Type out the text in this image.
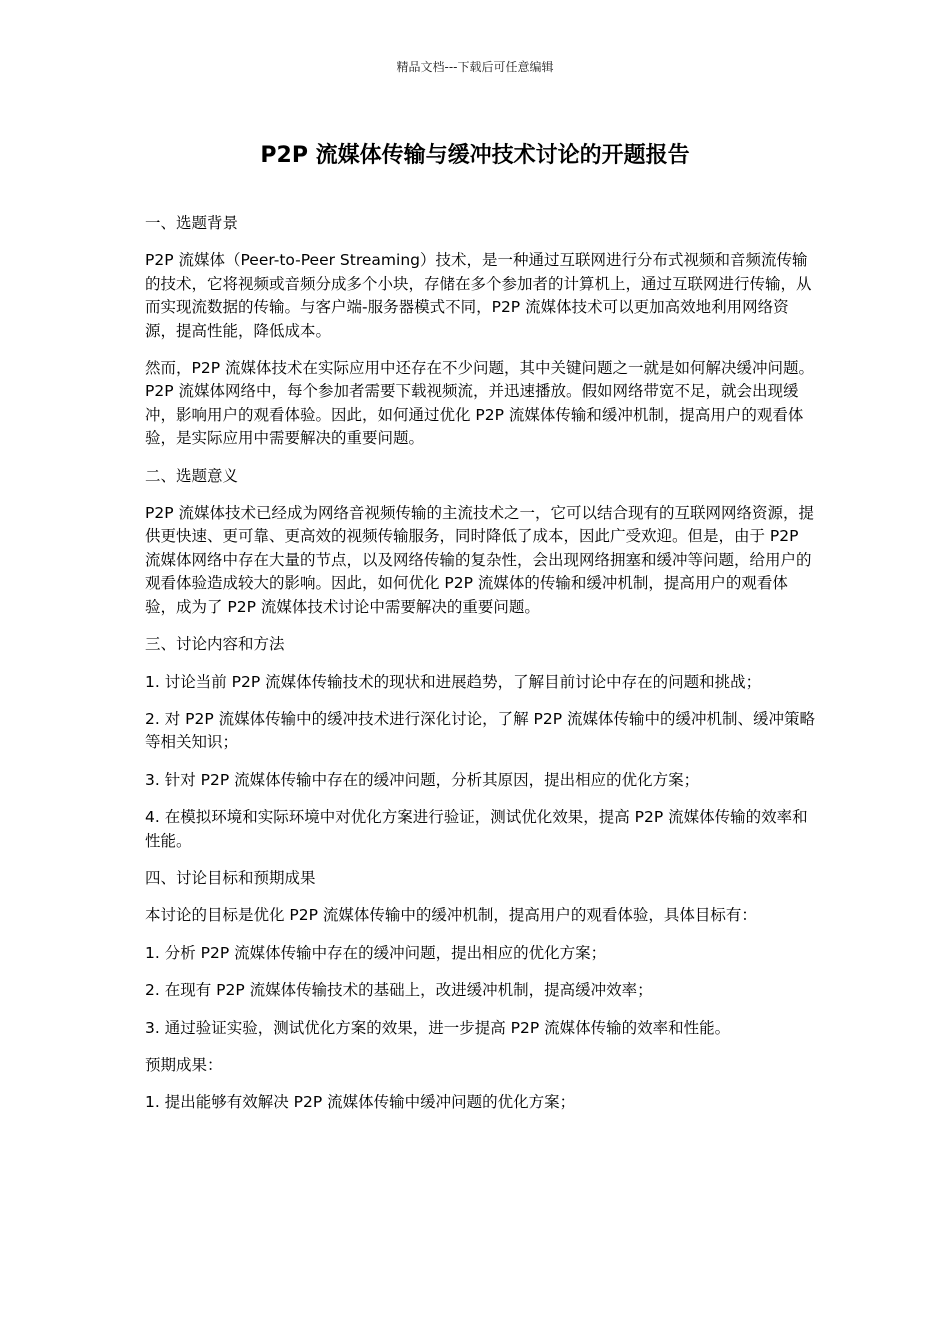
精品文档---下载后可任意编辑
P2P 流媒体传输与缓冲技术讨论的开题报告

一、选题背景

P2P 流媒体（Peer-to-Peer Streaming）技术，是一种通过互联网进行分布式视频和音频流传输的技术，它将视频或音频分成多个小块，存储在多个参加者的计算机上，通过互联网进行传输，从而实现流数据的传输。与客户端-服务器模式不同，P2P 流媒体技术可以更加高效地利用网络资源，提高性能，降低成本。

然而，P2P 流媒体技术在实际应用中还存在不少问题，其中关键问题之一就是如何解决缓冲问题。P2P 流媒体网络中，每个参加者需要下载视频流，并迅速播放。假如网络带宽不足，就会出现缓冲，影响用户的观看体验。因此，如何通过优化 P2P 流媒体传输和缓冲机制，提高用户的观看体验，是实际应用中需要解决的重要问题。

二、选题意义

P2P 流媒体技术已经成为网络音视频传输的主流技术之一，它可以结合现有的互联网网络资源，提供更快速、更可靠、更高效的视频传输服务，同时降低了成本，因此广受欢迎。但是，由于 P2P 流媒体网络中存在大量的节点，以及网络传输的复杂性，会出现网络拥塞和缓冲等问题，给用户的观看体验造成较大的影响。因此，如何优化 P2P 流媒体的传输和缓冲机制，提高用户的观看体验，成为了 P2P 流媒体技术讨论中需要解决的重要问题。

三、讨论内容和方法

1. 讨论当前 P2P 流媒体传输技术的现状和进展趋势，了解目前讨论中存在的问题和挑战；

2. 对 P2P 流媒体传输中的缓冲技术进行深化讨论，了解 P2P 流媒体传输中的缓冲机制、缓冲策略等相关知识；

3. 针对 P2P 流媒体传输中存在的缓冲问题，分析其原因，提出相应的优化方案；

4. 在模拟环境和实际环境中对优化方案进行验证，测试优化效果，提高 P2P 流媒体传输的效率和性能。

四、讨论目标和预期成果

本讨论的目标是优化 P2P 流媒体传输中的缓冲机制，提高用户的观看体验，具体目标有：

1. 分析 P2P 流媒体传输中存在的缓冲问题，提出相应的优化方案；

2. 在现有 P2P 流媒体传输技术的基础上，改进缓冲机制，提高缓冲效率；

3. 通过验证实验，测试优化方案的效果，进一步提高 P2P 流媒体传输的效率和性能。

预期成果：

1. 提出能够有效解决 P2P 流媒体传输中缓冲问题的优化方案；
